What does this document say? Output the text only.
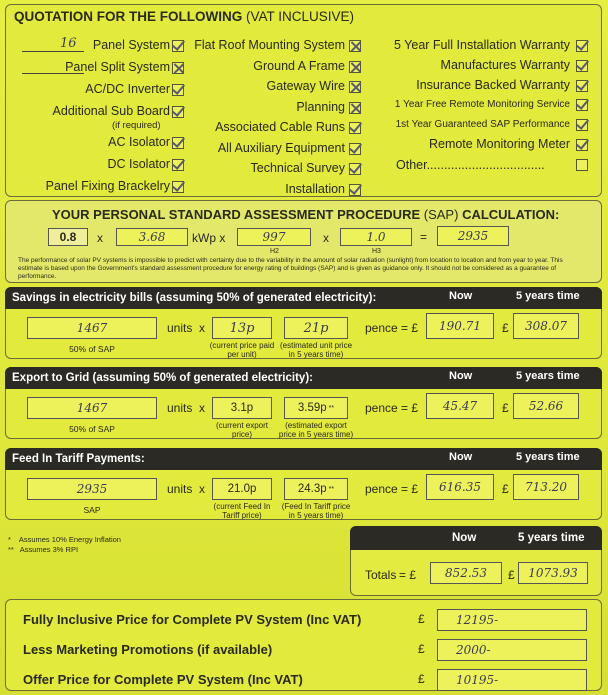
QUOTATION FOR THE FOLLOWING (VAT INCLUSIVE)
16 Panel System
Panel Split System
AC/DC Inverter
Additional Sub Board
(if required)
AC Isolator
DC Isolator
Panel Fixing Brackelry
Flat Roof Mounting System
Ground A Frame
Gateway Wire
Planning
Associated Cable Runs
All Auxiliary Equipment
Technical Survey
Installation
5 Year Full Installation Warranty
Manufactures Warranty
Insurance Backed Warranty
1 Year Free Remote Monitoring Service
1st Year Guaranteed SAP Performance
Remote Monitoring Meter
Other..................................
YOUR PERSONAL STANDARD ASSESSMENT PROCEDURE (SAP) CALCULATION:
0.8 x	3.68 kWp x	997
H2
x	1.0
H3
=	2935
The performance of solar PV systems is impossible to predict with certainty due to the variability in the amount of solar radiation (sunlight) from location to location and from year to year. This estimate is based upon the Government's standard assessment procedure for energy rating of buildings (SAP) and is given as guidance only. It should not be considered as a guarantee of performance.
Savings in electricity bills (assuming 50% of generated electricity):	Now	5 years time
1467
50% of SAP
units x 13p
(current price paid per unit)
21p
(estimated unit price in 5 years time)
pence = £ 190.71 £ 308.07
Export to Grid (assuming 50% of generated electricity):	Now	5 years time
1467
50% of SAP
units x 3.1p
(current export price)
3.59p **
(estimated export price in 5 years time)
pence = £ 45.47 £ 52.66
Feed In Tariff Payments:	Now	5 years time
2935
SAP
units x 21.0p
(current Feed In Tariff price)
24.3p **
(Feed In Tariff price in 5 years time)
pence = £ 616.35 £ 713.20
* Assumes 10% Energy Inflation
** Assumes 3% RPI
Now	5 years time
Totals = £ 852.53 £ 1073.93
Fully Inclusive Price for Complete PV System (Inc VAT)	£	12195-
Less Marketing Promotions (if available)	£	2000-
Offer Price for Complete PV System (Inc VAT)	£	10195-
